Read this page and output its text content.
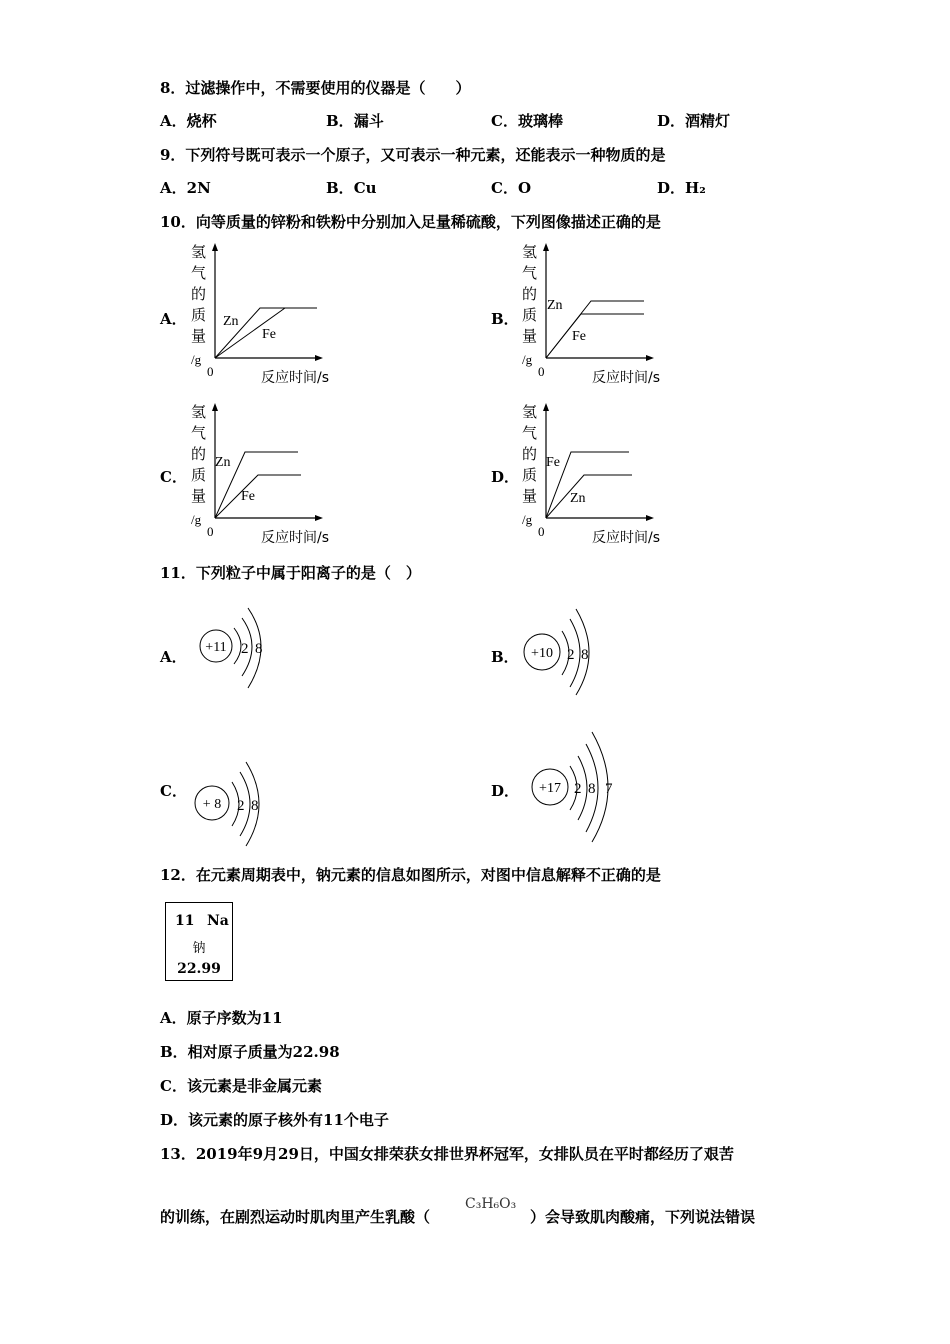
8．过滤操作中，不需要使用的仪器是（　　）
A．烧杯	B．漏斗	C．玻璃棒	D．酒精灯
9．下列符号既可表示一个原子，又可表示一种元素，还能表示一种物质的是
A．2N	B．Cu	C．O	D．H₂
10．向等质量的锌粉和铁粉中分别加入足量稀硫酸，下列图像描述正确的是
A．
氢
气
的
质
量
/g
0
Zn
Fe
反应时间/s
B．
氢
气
的
质
量
/g
0
Zn
Fe
反应时间/s
C．
氢
气
的
质
量
/g
0
Zn
Fe
反应时间/s
D．
氢
气
的
质
量
/g
0
Fe
Zn
反应时间/s
11．下列粒子中属于阳离子的是（　）
A．
+11 2 8	B． +10 2 8
C．
+ 8 2 8
D． +17 2 8 7
12．在元素周期表中，钠元素的信息如图所示，对图中信息解释不正确的是
11 Na
钠
22.99
A．原子序数为11
B．相对原子质量为22.98
C．该元素是非金属元素
D．该元素的原子核外有11个电子
13．2019年9月29日，中国女排荣获女排世界杯冠军，女排队员在平时都经历了艰苦
的训练，在剧烈运动时肌肉里产生乳酸（
C₃H₆O₃
）会导致肌肉酸痛，下列说法错误
